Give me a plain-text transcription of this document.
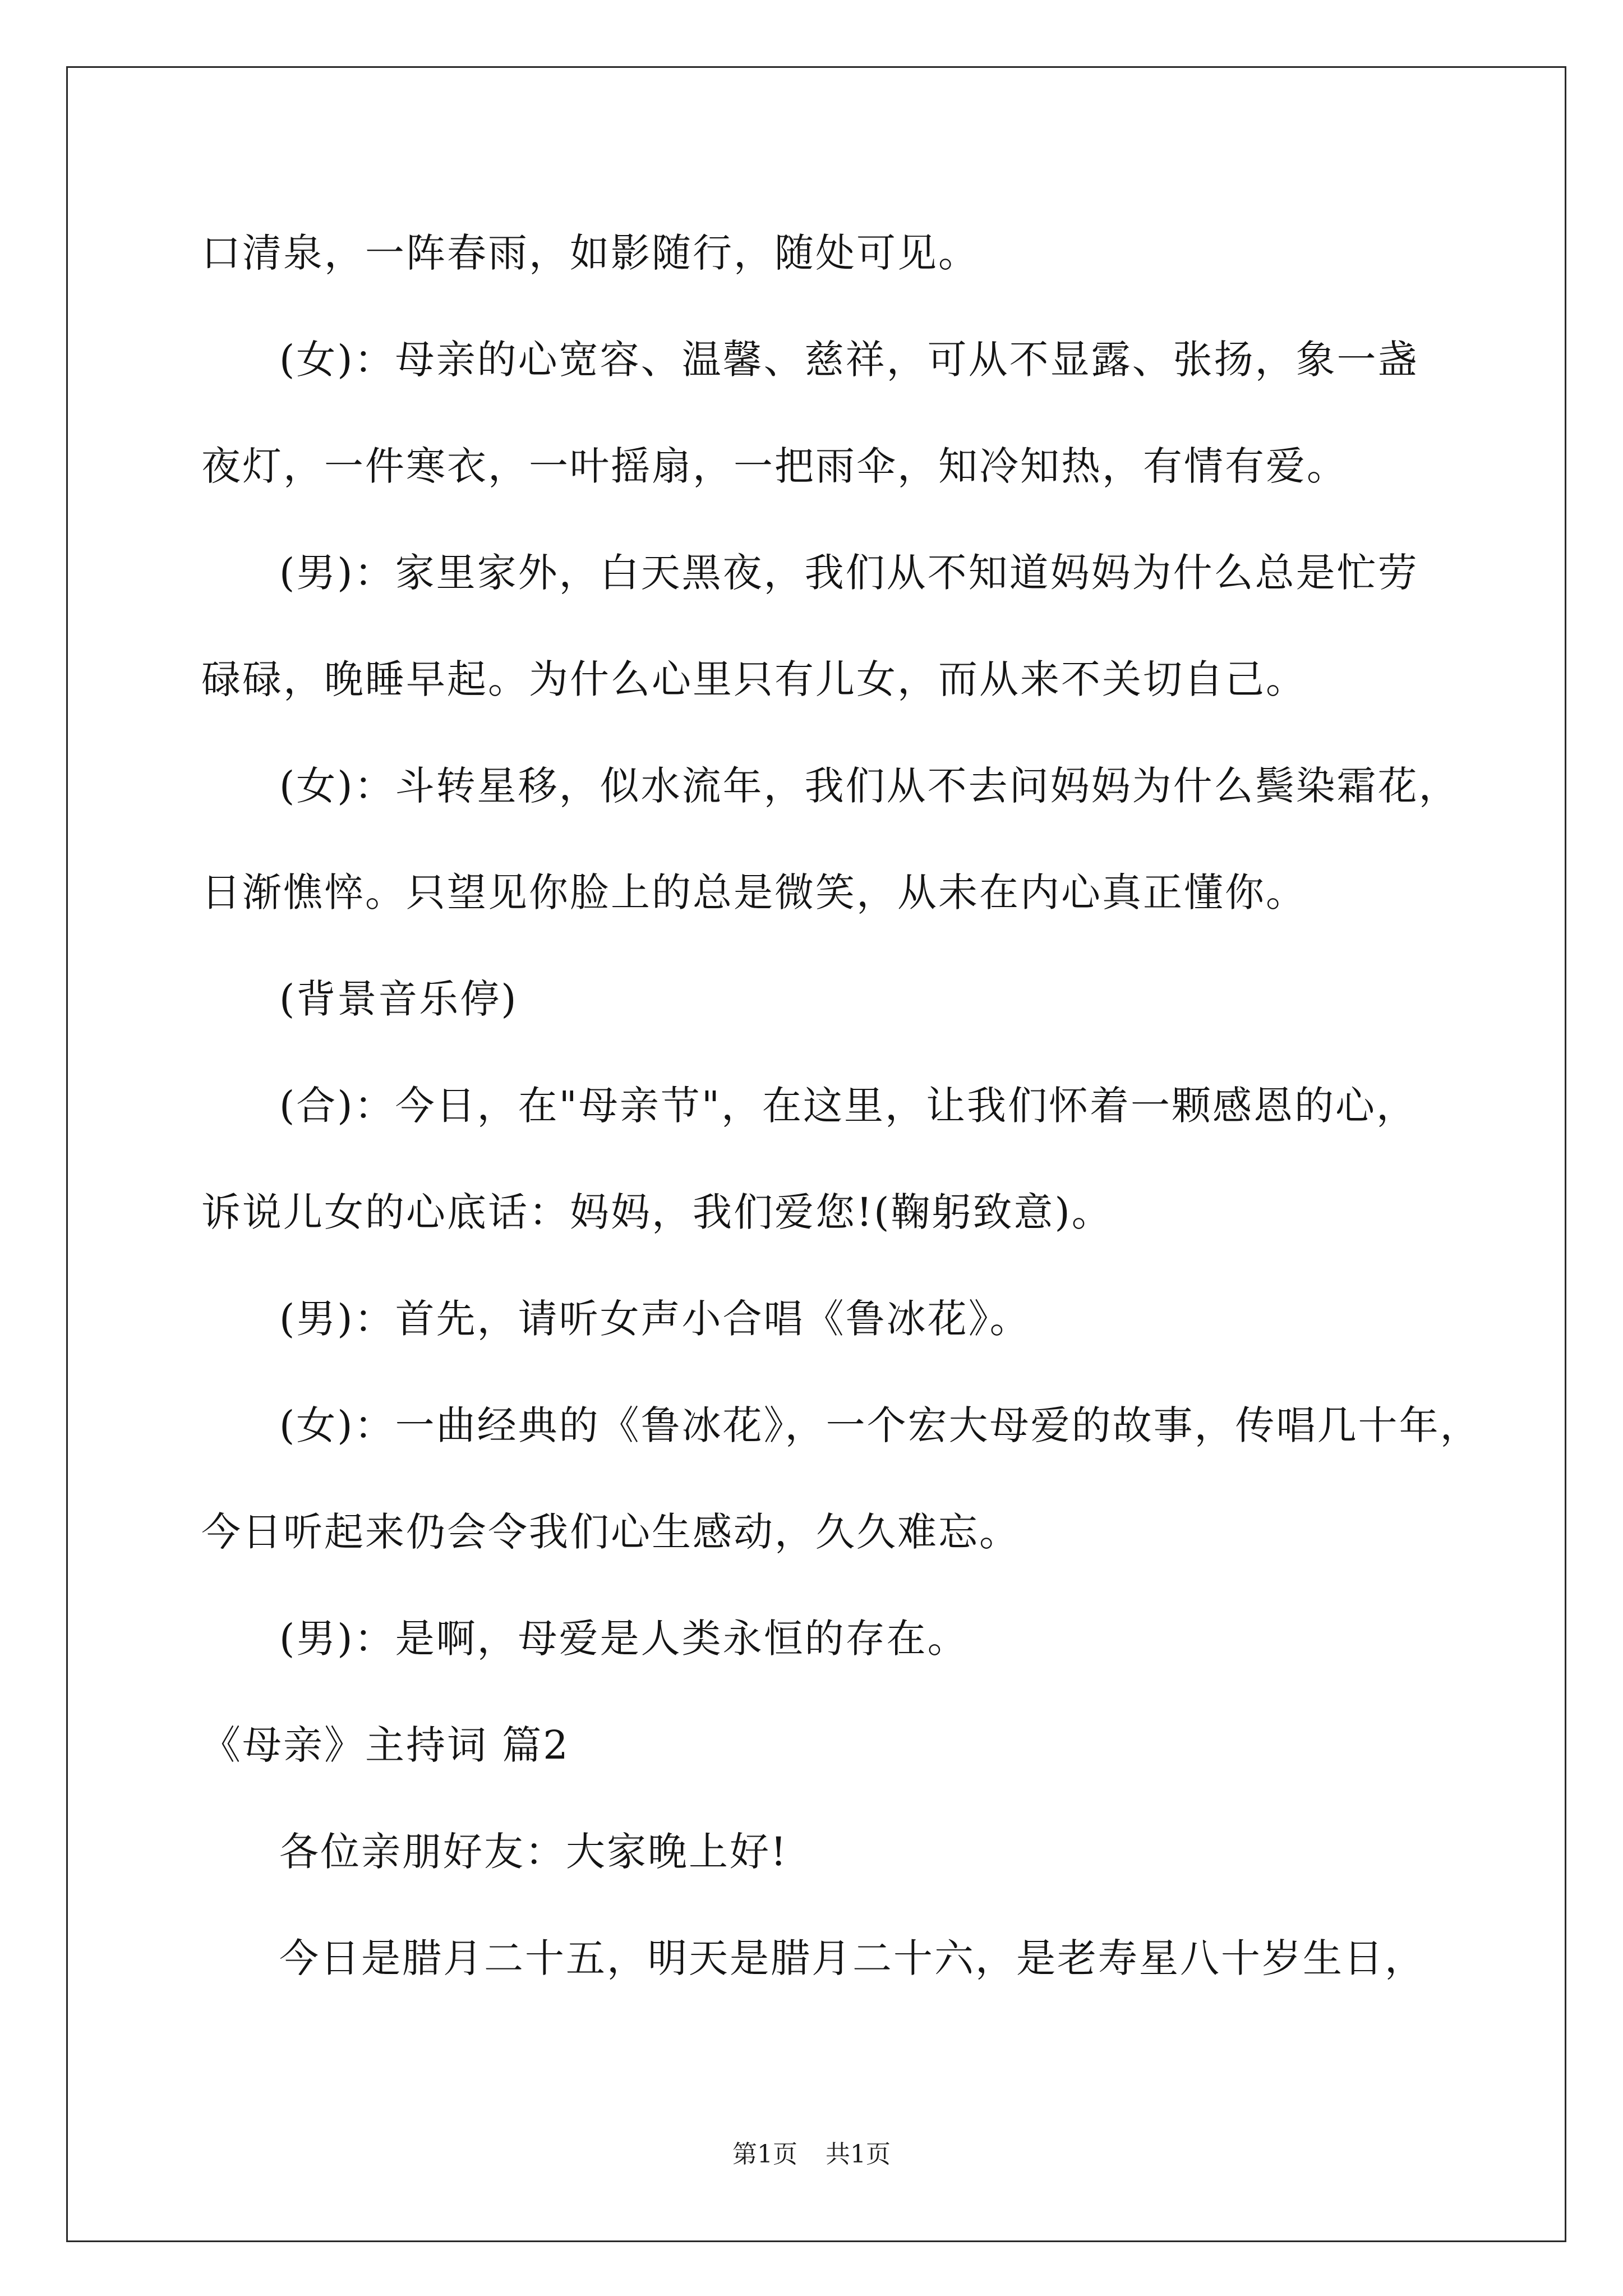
口清泉，一阵春雨，如影随行，随处可见。
(女)：母亲的心宽容、温馨、慈祥，可从不显露、张扬，象一盏
夜灯，一件寒衣，一叶摇扇，一把雨伞，知冷知热，有情有爱。
(男)：家里家外，白天黑夜，我们从不知道妈妈为什么总是忙劳
碌碌，晚睡早起。为什么心里只有儿女，而从来不关切自己。
(女)：斗转星移，似水流年，我们从不去问妈妈为什么鬓染霜花，
日渐憔悴。只望见你脸上的总是微笑，从未在内心真正懂你。
(背景音乐停)
(合)：今日，在"母亲节"，在这里，让我们怀着一颗感恩的心，
诉说儿女的心底话：妈妈，我们爱您!(鞠躬致意)。
(男)：首先，请听女声小合唱《鲁冰花》。
(女)：一曲经典的《鲁冰花》，一个宏大母爱的故事，传唱几十年，
今日听起来仍会令我们心生感动，久久难忘。
(男)：是啊，母爱是人类永恒的存在。
《母亲》主持词 篇2
各位亲朋好友：大家晚上好!
今日是腊月二十五，明天是腊月二十六，是老寿星八十岁生日，
第1页 共1页
